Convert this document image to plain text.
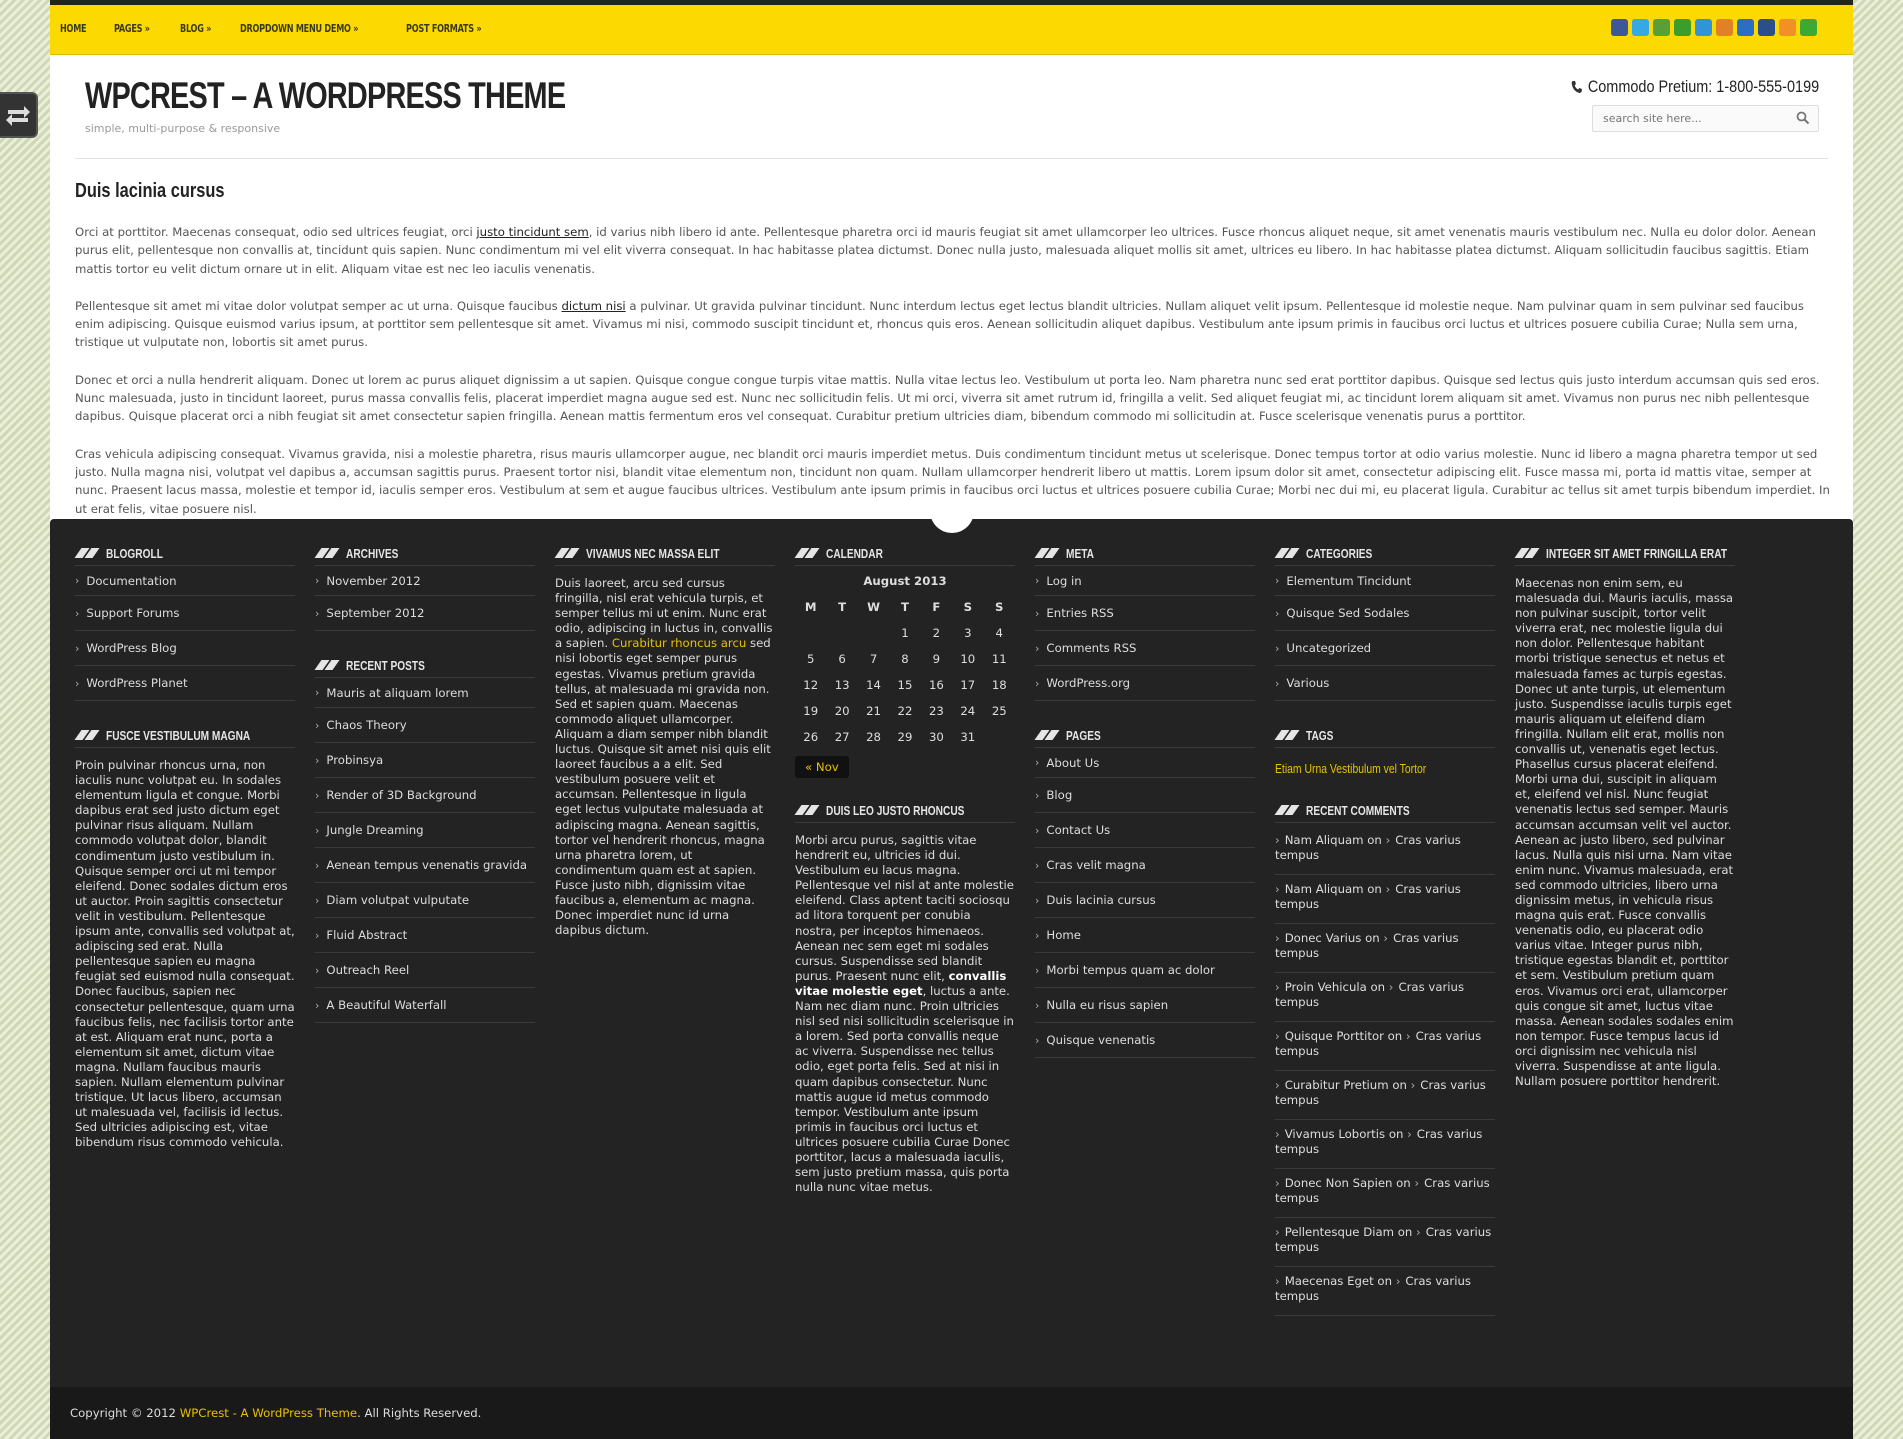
HOME	PAGES »	BLOG »	DROPDOWN MENU DEMO »	POST FORMATS »
WPCREST – A WORDPRESS THEME
simple, multi-purpose & responsive
Commodo Pretium: 1-800-555-0199
search site here...
Duis lacinia cursus

Orci at porttitor. Maecenas consequat, odio sed ultrices feugiat, orci justo tincidunt sem, id varius nibh libero id ante. Pellentesque pharetra orci id mauris feugiat sit amet ullamcorper leo ultrices. Fusce rhoncus aliquet neque, sit amet venenatis mauris vestibulum nec. Nulla eu dolor dolor. Aenean purus elit, pellentesque non convallis at, tincidunt quis sapien. Nunc condimentum mi vel elit viverra consequat. In hac habitasse platea dictumst. Donec nulla justo, malesuada aliquet mollis sit amet, ultrices eu libero. In hac habitasse platea dictumst. Aliquam sollicitudin faucibus sagittis. Etiam mattis tortor eu velit dictum ornare ut in elit. Aliquam vitae est nec leo iaculis venenatis.

Pellentesque sit amet mi vitae dolor volutpat semper ac ut urna. Quisque faucibus dictum nisi a pulvinar. Ut gravida pulvinar tincidunt. Nunc interdum lectus eget lectus blandit ultricies. Nullam aliquet velit ipsum. Pellentesque id molestie neque. Nam pulvinar quam in sem pulvinar sed faucibus enim adipiscing. Quisque euismod varius ipsum, at porttitor sem pellentesque sit amet. Vivamus mi nisi, commodo suscipit tincidunt et, rhoncus quis eros. Aenean sollicitudin aliquet dapibus. Vestibulum ante ipsum primis in faucibus orci luctus et ultrices posuere cubilia Curae; Nulla sem urna, tristique ut vulputate non, lobortis sit amet purus.

Donec et orci a nulla hendrerit aliquam. Donec ut lorem ac purus aliquet dignissim a ut sapien. Quisque congue congue turpis vitae mattis. Nulla vitae lectus leo. Vestibulum ut porta leo. Nam pharetra nunc sed erat porttitor dapibus. Quisque sed lectus quis justo interdum accumsan quis sed eros. Nunc malesuada, justo in tincidunt laoreet, purus massa convallis felis, placerat imperdiet magna augue sed est. Nunc nec sollicitudin felis. Ut mi orci, viverra sit amet rutrum id, fringilla a velit. Sed aliquet feugiat mi, ac tincidunt lorem aliquam sit amet. Vivamus non purus nec nibh pellentesque dapibus. Quisque placerat orci a nibh feugiat sit amet consectetur sapien fringilla. Aenean mattis fermentum eros vel consequat. Curabitur pretium ultricies diam, bibendum commodo mi sollicitudin at. Fusce scelerisque venenatis purus a porttitor.

Cras vehicula adipiscing consequat. Vivamus gravida, nisi a molestie pharetra, risus mauris ullamcorper augue, nec blandit orci mauris imperdiet metus. Duis condimentum tincidunt metus ut scelerisque. Donec tempus tortor at odio varius molestie. Nunc id libero a magna pharetra tempor ut sed justo. Nulla magna nisi, volutpat vel dapibus a, accumsan sagittis purus. Praesent tortor nisi, blandit vitae elementum non, tincidunt non quam. Nullam ullamcorper hendrerit libero ut mattis. Lorem ipsum dolor sit amet, consectetur adipiscing elit. Fusce massa mi, porta id mattis vitae, semper at nunc. Praesent lacus massa, molestie et tempor id, iaculis semper eros. Vestibulum at sem et augue faucibus ultrices. Vestibulum ante ipsum primis in faucibus orci luctus et ultrices posuere cubilia Curae; Morbi nec dui mi, eu placerat ligula. Curabitur ac tellus sit amet turpis bibendum imperdiet. In ut erat felis, vitae posuere nisl.

BLOGROLL
› Documentation
› Support Forums
› WordPress Blog
› WordPress Planet
FUSCE VESTIBULUM MAGNA
Proin pulvinar rhoncus urna, non iaculis nunc volutpat eu. In sodales elementum ligula et congue. Morbi dapibus erat sed justo dictum eget pulvinar risus aliquam. Nullam commodo volutpat dolor, blandit condimentum justo vestibulum in. Quisque semper orci ut mi tempor eleifend. Donec sodales dictum eros ut auctor. Proin sagittis consectetur velit in vestibulum. Pellentesque ipsum ante, convallis sed volutpat at, adipiscing sed erat. Nulla pellentesque sapien eu magna feugiat sed euismod nulla consequat. Donec faucibus, sapien nec consectetur pellentesque, quam urna faucibus felis, nec facilisis tortor ante at est. Aliquam erat nunc, porta a elementum sit amet, dictum vitae magna. Nullam faucibus mauris sapien. Nullam elementum pulvinar tristique. Ut lacus libero, accumsan ut malesuada vel, facilisis id lectus. Sed ultricies adipiscing est, vitae bibendum risus commodo vehicula.
ARCHIVES
› November 2012
› September 2012
RECENT POSTS
› Mauris at aliquam lorem
› Chaos Theory
› Probinsya
› Render of 3D Background
› Jungle Dreaming
› Aenean tempus venenatis gravida
› Diam volutpat vulputate
› Fluid Abstract
› Outreach Reel
› A Beautiful Waterfall
VIVAMUS NEC MASSA ELIT
Duis laoreet, arcu sed cursus fringilla, nisl erat vehicula turpis, et semper tellus mi ut enim. Nunc erat odio, adipiscing in luctus in, convallis a sapien. Curabitur rhoncus arcu sed nisi lobortis eget semper purus egestas. Vivamus pretium gravida tellus, at malesuada mi gravida non. Sed et sapien quam. Maecenas commodo aliquet ullamcorper. Aliquam a diam semper nibh blandit luctus. Quisque sit amet nisi quis elit laoreet faucibus a a elit. Sed vestibulum posuere velit et accumsan. Pellentesque in ligula eget lectus vulputate malesuada at adipiscing magna. Aenean sagittis, tortor vel hendrerit rhoncus, magna urna pharetra lorem, ut condimentum quam est at sapien. Fusce justo nibh, dignissim vitae faucibus a, elementum ac magna. Donec imperdiet nunc id urna dapibus dictum.
CALENDAR
August 2013
M	T	W	T	F	S	S
			1	2	3	4
5	6	7	8	9	10	11
12	13	14	15	16	17	18
19	20	21	22	23	24	25
26	27	28	29	30	31	
« Nov
DUIS LEO JUSTO RHONCUS
Morbi arcu purus, sagittis vitae hendrerit eu, ultricies id dui. Vestibulum eu lacus magna. Pellentesque vel nisl at ante molestie eleifend. Class aptent taciti sociosqu ad litora torquent per conubia nostra, per inceptos himenaeos. Aenean nec sem eget mi sodales cursus. Suspendisse sed blandit purus. Praesent nunc elit, convallis vitae molestie eget, luctus a ante. Nam nec diam nunc. Proin ultricies nisl sed nisi sollicitudin scelerisque in a lorem. Sed porta convallis neque ac viverra. Suspendisse nec tellus odio, eget porta felis. Sed at nisi in quam dapibus consectetur. Nunc mattis augue id metus commodo tempor. Vestibulum ante ipsum primis in faucibus orci luctus et ultrices posuere cubilia Curae Donec porttitor, lacus a malesuada iaculis, sem justo pretium massa, quis porta nulla nunc vitae metus.
META
› Log in
› Entries RSS
› Comments RSS
› WordPress.org
PAGES
› About Us
› Blog
› Contact Us
› Cras velit magna
› Duis lacinia cursus
› Home
› Morbi tempus quam ac dolor
› Nulla eu risus sapien
› Quisque venenatis
CATEGORIES
› Elementum Tincidunt
› Quisque Sed Sodales
› Uncategorized
› Various
TAGS
Etiam Urna Vestibulum vel Tortor
RECENT COMMENTS
› Nam Aliquam on › Cras varius tempus
› Nam Aliquam on › Cras varius tempus
› Donec Varius on › Cras varius tempus
› Proin Vehicula on › Cras varius tempus
› Quisque Porttitor on › Cras varius tempus
› Curabitur Pretium on › Cras varius tempus
› Vivamus Lobortis on › Cras varius tempus
› Donec Non Sapien on › Cras varius tempus
› Pellentesque Diam on › Cras varius tempus
› Maecenas Eget on › Cras varius tempus
INTEGER SIT AMET FRINGILLA ERAT
Maecenas non enim sem, eu malesuada dui. Mauris iaculis, massa non pulvinar suscipit, tortor velit viverra erat, nec molestie ligula dui non dolor. Pellentesque habitant morbi tristique senectus et netus et malesuada fames ac turpis egestas. Donec ut ante turpis, ut elementum justo. Suspendisse iaculis turpis eget mauris aliquam ut eleifend diam fringilla. Nullam elit erat, mollis non convallis ut, venenatis eget lectus. Phasellus cursus placerat eleifend. Morbi urna dui, suscipit in aliquam et, eleifend vel nisl. Nunc feugiat venenatis lectus sed semper. Mauris accumsan accumsan velit vel auctor. Aenean ac justo libero, sed pulvinar lacus. Nulla quis nisi urna. Nam vitae enim nunc. Vivamus malesuada, erat sed commodo ultricies, libero urna dignissim metus, in vehicula risus magna quis erat. Fusce convallis venenatis odio, eu placerat odio varius vitae. Integer purus nibh, tristique egestas blandit et, porttitor et sem. Vestibulum pretium quam eros. Vivamus orci erat, ullamcorper quis congue sit amet, luctus vitae massa. Aenean sodales sodales enim non tempor. Fusce tempus lacus id orci dignissim nec vehicula nisl viverra. Suspendisse at ante ligula. Nullam posuere porttitor hendrerit.
Copyright © 2012 WPCrest - A WordPress Theme. All Rights Reserved.
